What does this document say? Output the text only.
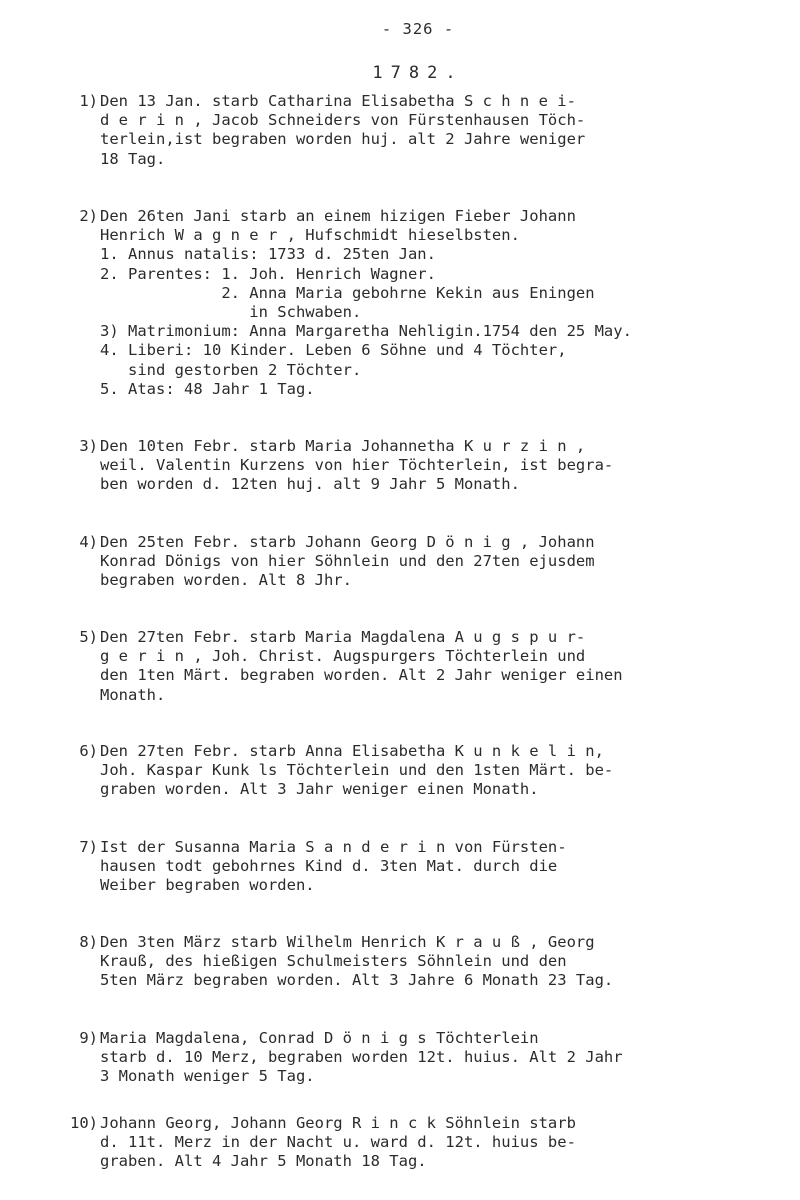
- 326 -
1782.
1) Den 13 Jan. starb Catharina Elisabetha S c h n e i-
d e r i n , Jacob Schneiders von Fürstenhausen Töch-
terlein,ist begraben worden huj. alt 2 Jahre weniger
18 Tag.
2) Den 26ten Jani starb an einem hizigen Fieber Johann
Henrich W a g n e r , Hufschmidt hieselbsten.
1. Annus natalis: 1733 d. 25ten Jan.
2. Parentes: 1. Joh. Henrich Wagner.
2. Anna Maria gebohrne Kekin aus Eningen
in Schwaben.
3) Matrimonium: Anna Margaretha Nehligin.1754 den 25 May.
4. Liberi: 10 Kinder. Leben 6 Söhne und 4 Töchter,
sind gestorben 2 Töchter.
5. Atas: 48 Jahr 1 Tag.
3) Den 10ten Febr. starb Maria Johannetha K u r z i n ,
weil. Valentin Kurzens von hier Töchterlein, ist begra-
ben worden d. 12ten huj. alt 9 Jahr 5 Monath.
4) Den 25ten Febr. starb Johann Georg D ö n i g , Johann
Konrad Dönigs von hier Söhnlein und den 27ten ejusdem
begraben worden. Alt 8 Jhr.
5) Den 27ten Febr. starb Maria Magdalena A u g s p u r-
g e r i n , Joh. Christ. Augspurgers Töchterlein und
den 1ten Märt. begraben worden. Alt 2 Jahr weniger einen
Monath.
6) Den 27ten Febr. starb Anna Elisabetha K u n k e l i n,
Joh. Kaspar Kunk ls Töchterlein und den 1sten Märt. be-
graben worden. Alt 3 Jahr weniger einen Monath.
7) Ist der Susanna Maria S a n d e r i n von Fürsten-
hausen todt gebohrnes Kind d. 3ten Mat. durch die
Weiber begraben worden.
8) Den 3ten März starb Wilhelm Henrich K r a u ß , Georg
Krauß, des hießigen Schulmeisters Söhnlein und den
5ten März begraben worden. Alt 3 Jahre 6 Monath 23 Tag.
9) Maria Magdalena, Conrad D ö n i g s Töchterlein
starb d. 10 Merz, begraben worden 12t. huius. Alt 2 Jahr
3 Monath weniger 5 Tag.
10) Johann Georg, Johann Georg R i n c k Söhnlein starb
d. 11t. Merz in der Nacht u. ward d. 12t. huius be-
graben. Alt 4 Jahr 5 Monath 18 Tag.
